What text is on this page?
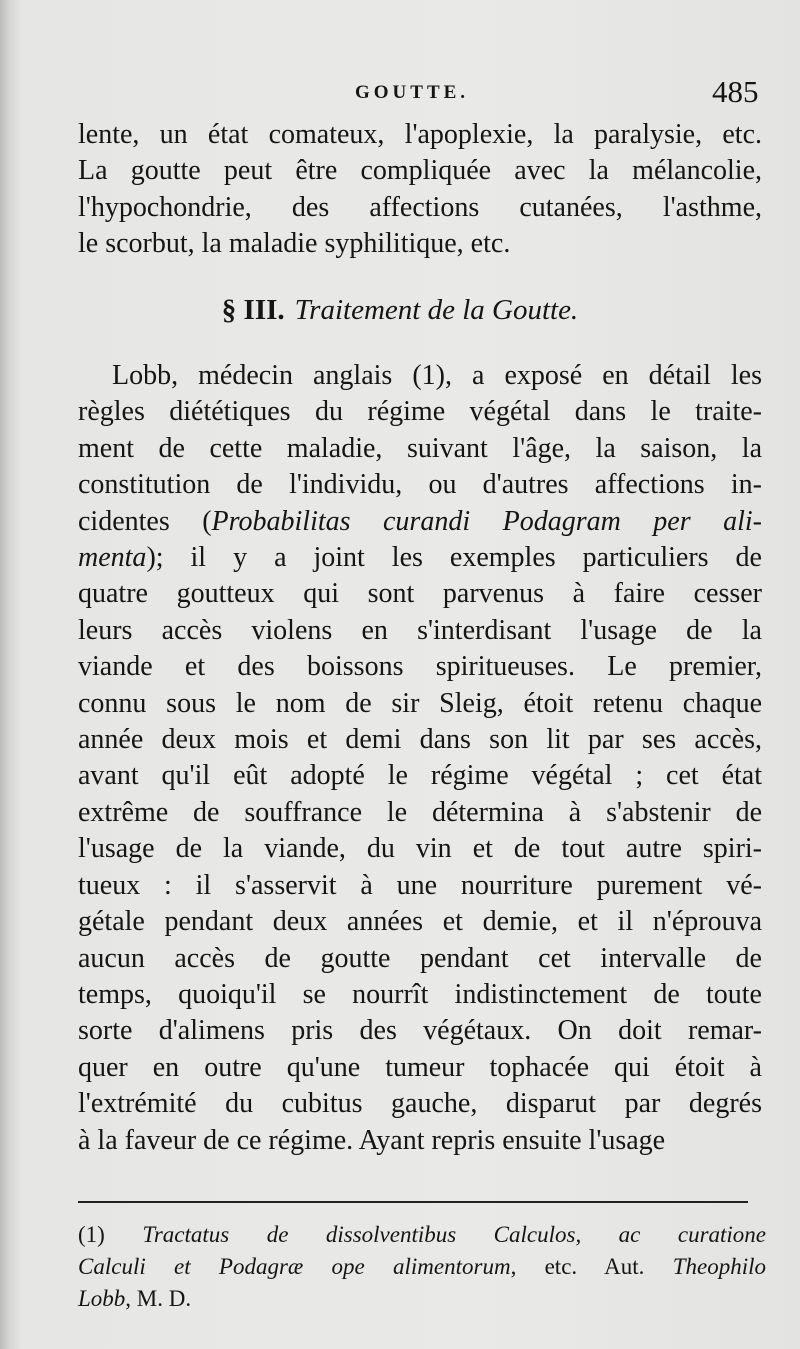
GOUTTE.	485
lente, un état comateux, l'apoplexie, la paralysie, etc.
La goutte peut être compliquée avec la mélancolie,
l'hypochondrie, des affections cutanées, l'asthme,
le scorbut, la maladie syphilitique, etc.
§ III. Traitement de la Goutte.
Lobb, médecin anglais (1), a exposé en détail les
règles diététiques du régime végétal dans le traite-
ment de cette maladie, suivant l'âge, la saison, la
constitution de l'individu, ou d'autres affections in-
cidentes (Probabilitas curandi Podagram per ali-
menta); il y a joint les exemples particuliers de
quatre goutteux qui sont parvenus à faire cesser
leurs accès violens en s'interdisant l'usage de la
viande et des boissons spiritueuses. Le premier,
connu sous le nom de sir Sleig, étoit retenu chaque
année deux mois et demi dans son lit par ses accès,
avant qu'il eût adopté le régime végétal ; cet état
extrême de souffrance le détermina à s'abstenir de
l'usage de la viande, du vin et de tout autre spiri-
tueux : il s'asservit à une nourriture purement vé-
gétale pendant deux années et demie, et il n'éprouva
aucun accès de goutte pendant cet intervalle de
temps, quoiqu'il se nourrît indistinctement de toute
sorte d'alimens pris des végétaux. On doit remar-
quer en outre qu'une tumeur tophacée qui étoit à
l'extrémité du cubitus gauche, disparut par degrés
à la faveur de ce régime. Ayant repris ensuite l'usage
(1) Tractatus de dissolventibus Calculos, ac curatione
Calculi et Podagræ ope alimentorum, etc. Aut. Theophilo
Lobb, M. D.
